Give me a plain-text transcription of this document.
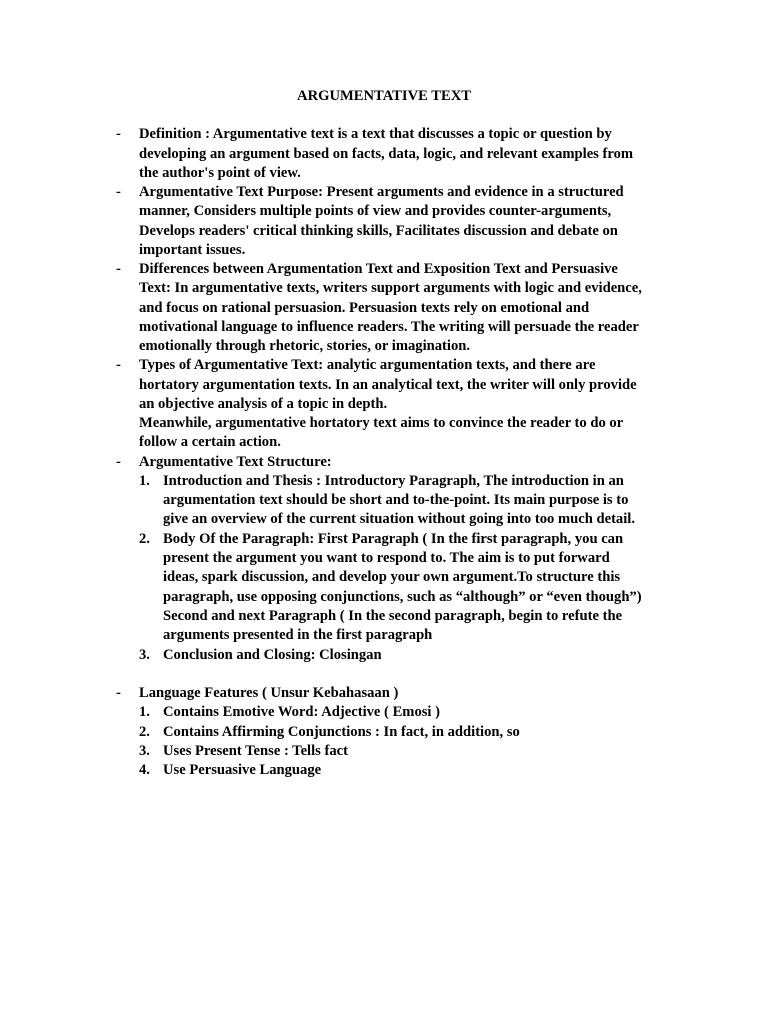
ARGUMENTATIVE TEXT
- Definition : Argumentative text is a text that discusses a topic or question by
developing an argument based on facts, data, logic, and relevant examples from
the author's point of view.
- Argumentative Text Purpose: Present arguments and evidence in a structured
manner, Considers multiple points of view and provides counter-arguments,
Develops readers' critical thinking skills, Facilitates discussion and debate on
important issues.
- Differences between Argumentation Text and Exposition Text and Persuasive
Text: In argumentative texts, writers support arguments with logic and evidence,
and focus on rational persuasion. Persuasion texts rely on emotional and
motivational language to influence readers. The writing will persuade the reader
emotionally through rhetoric, stories, or imagination.
- Types of Argumentative Text: analytic argumentation texts, and there are
hortatory argumentation texts. In an analytical text, the writer will only provide
an objective analysis of a topic in depth.
Meanwhile, argumentative hortatory text aims to convince the reader to do or
follow a certain action.
- Argumentative Text Structure:
1. Introduction and Thesis : Introductory Paragraph, The introduction in an
argumentation text should be short and to-the-point. Its main purpose is to
give an overview of the current situation without going into too much detail.
2. Body Of the Paragraph: First Paragraph ( In the first paragraph, you can
present the argument you want to respond to. The aim is to put forward
ideas, spark discussion, and develop your own argument.To structure this
paragraph, use opposing conjunctions, such as “although” or “even though”)
Second and next Paragraph ( In the second paragraph, begin to refute the
arguments presented in the first paragraph
3. Conclusion and Closing: Closingan
- Language Features ( Unsur Kebahasaan )
1. Contains Emotive Word: Adjective ( Emosi )
2. Contains Affirming Conjunctions : In fact, in addition, so
3. Uses Present Tense : Tells fact
4. Use Persuasive Language
